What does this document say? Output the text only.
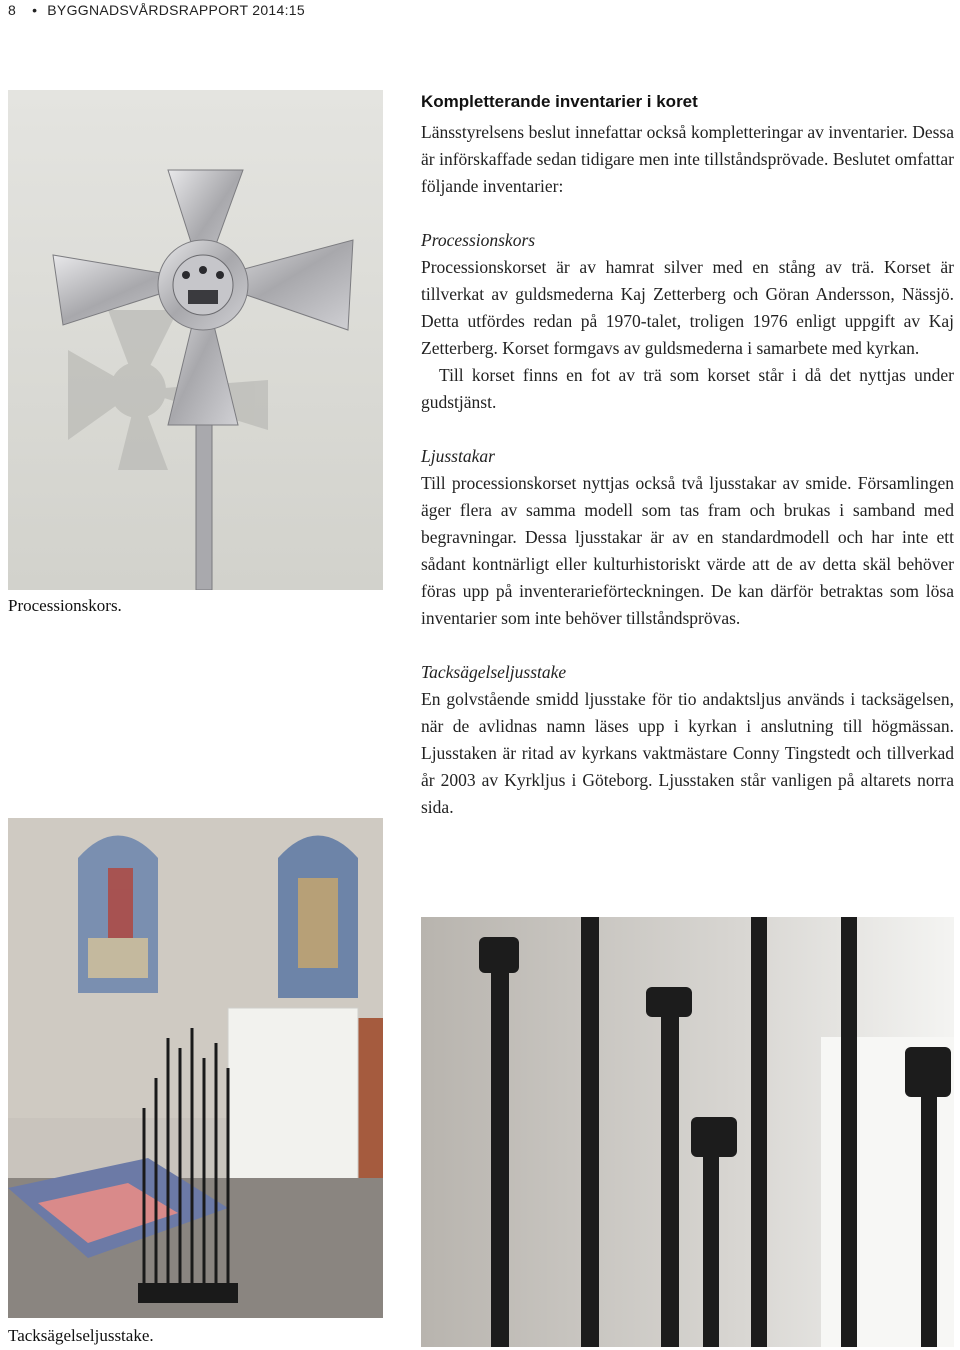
8 • BYGGNADSVÅRDSRAPPORT 2014:15
Processionskors.
Tacksägelseljusstake.
Kompletterande inventarier i koret

Länsstyrelsens beslut innefattar också kompletteringar av inventarier. Dessa är införskaffade sedan tidigare men inte tillståndsprövade. Beslutet omfattar följande inventarier:

Processionskors

Processionskorset är av hamrat silver med en stång av trä. Korset är tillverkat av guldsmederna Kaj Zetterberg och Göran Andersson, Nässjö. Detta utfördes redan på 1970-talet, troligen 1976 enligt uppgift av Kaj Zetterberg. Korset formgavs av guldsmederna i samarbete med kyrkan.

Till korset finns en fot av trä som korset står i då det nyttjas under gudstjänst.

Ljusstakar

Till processionskorset nyttjas också två ljusstakar av smide. Församlingen äger flera av samma modell som tas fram och brukas i samband med begravningar. Dessa ljusstakar är av en standardmodell och har inte ett sådant kontnärligt eller kulturhistoriskt värde att de av detta skäl behöver föras upp på inventerarieförteckningen. De kan därför betraktas som lösa inventarier som inte behöver tillståndsprövas.

Tacksägelseljusstake

En golvstående smidd ljusstake för tio andaktsljus används i tacksägelsen, när de avlidnas namn läses upp i kyrkan i anslutning till högmässan. Ljusstaken är ritad av kyrkans vaktmästare Conny Tingstedt och tillverkad år 2003 av Kyrkljus i Göteborg. Ljusstaken står vanligen på altarets norra sida.
